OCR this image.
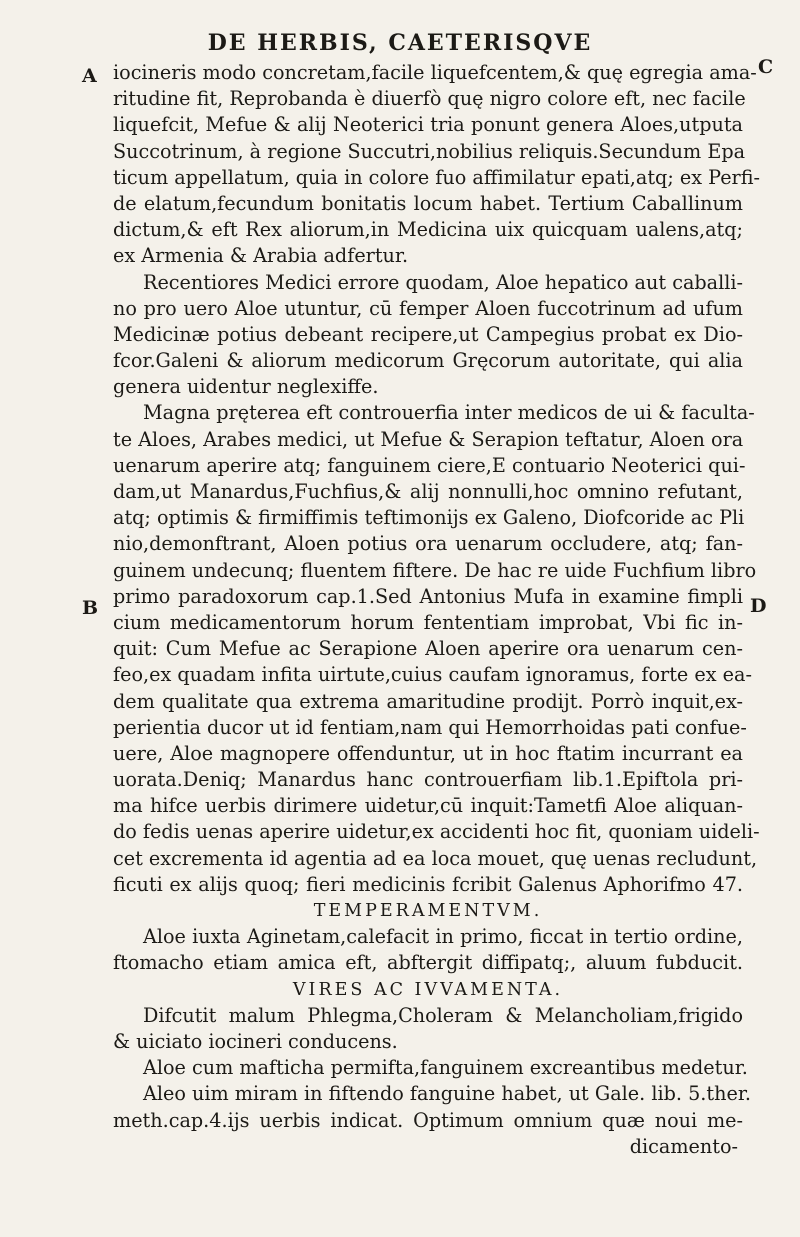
DE HERBIS, CAETERISQVE
A	C
B	D
iocineris modo concretam,facile liquefcentem,& quę egregia ama-
ritudine fit, Reprobanda è diuerfò quę nigro colore eft, nec facile
liquefcit, Mefue & alij Neoterici tria ponunt genera Aloes,utputa
Succotrinum, à regione Succutri,nobilius reliquis.Secundum Epa
ticum appellatum, quia in colore fuo affimilatur epati,atq; ex Perfi-
de elatum,fecundum bonitatis locum habet. Tertium Caballinum
dictum,& eft Rex aliorum,in Medicina uix quicquam ualens,atq;
ex Armenia & Arabia adfertur.
Recentiores Medici errore quodam, Aloe hepatico aut caballi-
no pro uero Aloe utuntur, cū femper Aloen fuccotrinum ad ufum
Medicinæ potius debeant recipere,ut Campegius probat ex Dio-
fcor.Galeni & aliorum medicorum Gręcorum autoritate, qui alia
genera uidentur neglexiffe.
Magna pręterea eft controuerfia inter medicos de ui & faculta-
te Aloes, Arabes medici, ut Mefue & Serapion teftatur, Aloen ora
uenarum aperire atq; fanguinem ciere,E contuario Neoterici qui-
dam,ut Manardus,Fuchfius,& alij nonnulli,hoc omnino refutant,
atq; optimis & firmiffimis teftimonijs ex Galeno, Diofcoride ac Pli
nio,demonftrant, Aloen potius ora uenarum occludere, atq; fan-
guinem undecunq; fluentem fiftere. De hac re uide Fuchfium libro
primo paradoxorum cap.1.Sed Antonius Mufa in examine fimpli
cium medicamentorum horum fententiam improbat, Vbi fic in-
quit: Cum Mefue ac Serapione Aloen aperire ora uenarum cen-
feo,ex quadam infita uirtute,cuius caufam ignoramus, forte ex ea-
dem qualitate qua extrema amaritudine prodijt. Porrò inquit,ex-
perientia ducor ut id fentiam,nam qui Hemorrhoidas pati confue-
uere, Aloe magnopere offenduntur, ut in hoc ftatim incurrant ea
uorata.Deniq; Manardus hanc controuerfiam lib.1.Epiftola pri-
ma hifce uerbis dirimere uidetur,cū inquit:Tametfi Aloe aliquan-
do fedis uenas aperire uidetur,ex accidenti hoc fit, quoniam uideli-
cet excrementa id agentia ad ea loca mouet, quę uenas recludunt,
ficuti ex alijs quoq; fieri medicinis fcribit Galenus Aphorifmo 47.
TEMPERAMENTVM.
Aloe iuxta Aginetam,calefacit in primo, ficcat in tertio ordine,
ftomacho etiam amica eft, abftergit diffipatq;, aluum fubducit.
VIRES AC IVVAMENTA.
Difcutit malum Phlegma,Choleram & Melancholiam,frigido
& uiciato iocineri conducens.
Aloe cum mafticha permifta,fanguinem excreantibus medetur.
Aleo uim miram in fiftendo fanguine habet, ut Gale. lib. 5.ther.
meth.cap.4.ijs uerbis indicat. Optimum omnium quæ noui me-
dicamento-
